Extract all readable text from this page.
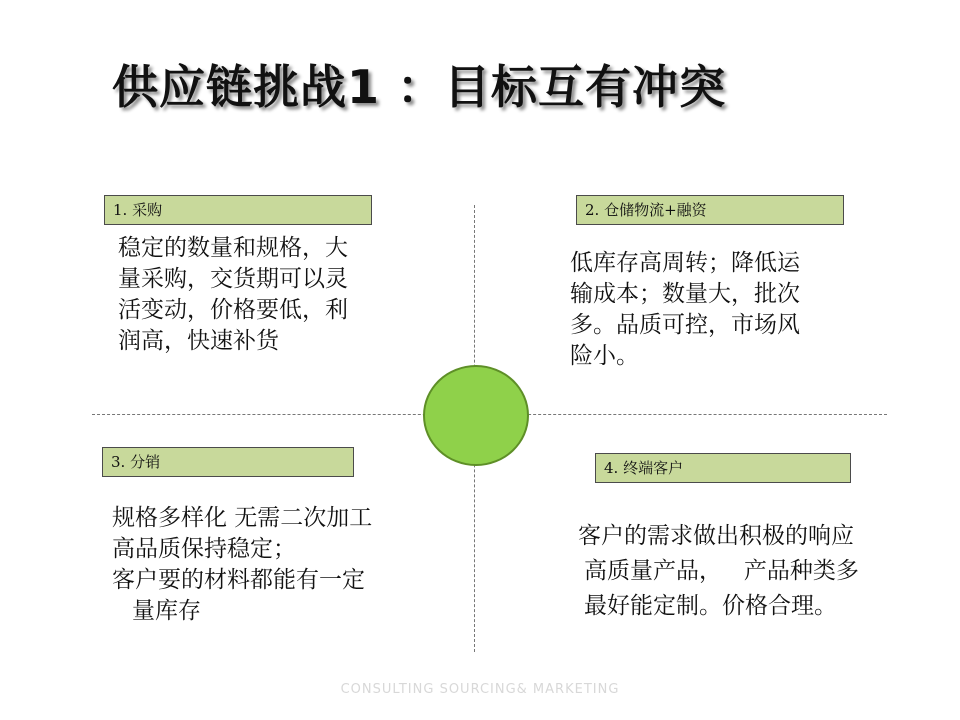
供应链挑战1 ：目标互有冲突
1. 采购
稳定的数量和规格，大
量采购，交货期可以灵
活变动，价格要低，利
润高，快速补货
2. 仓储物流+融资
低库存高周转；降低运
输成本；数量大，批次
多。品质可控，市场风
险小。
3. 分销
规格多样化 无需二次加工
高品质保持稳定；
客户要的材料都能有一定
量库存
4. 终端客户
客户的需求做出积极的响应
高质量产品，   产品种类多
最好能定制。价格合理。
CONSULTING SOURCING& MARKETING
